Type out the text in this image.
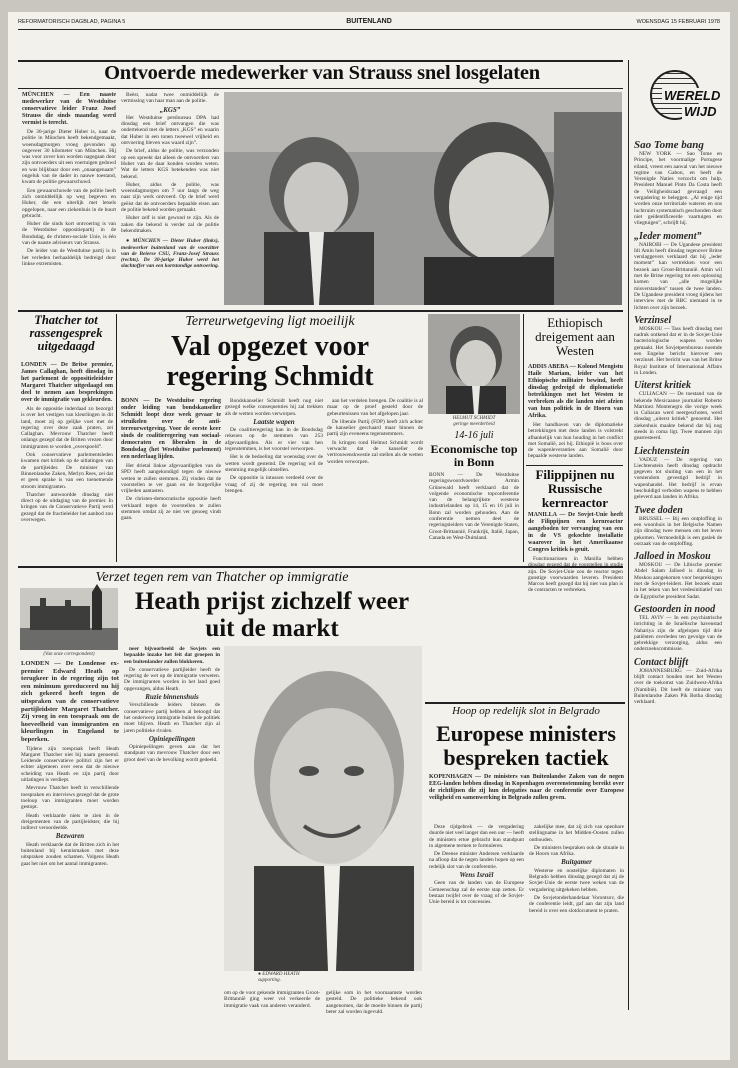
REFORMATORISCH DAGBLAD, PAGINA 5	BUITENLAND	WOENSDAG 15 FEBRUARI 1978
Ontvoerde medewerker van Strauss snel losgelaten

MÜNCHEN — Een naaste medewerker van de Westduitse conservatieve leider Franz Josef Strauss die sinds maandag werd vermist is terecht.

De 30-jarige Dieter Huber is, naar de politie in München heeft bekendgemaakt, woensdagmorgen vroeg gevonden op ongeveer 30 kilometer van München. Hij was voor zover kon worden nagegaan door zijn ontvoerders uit een voertuigen geduwd en was blijkbaar door een „onaangenaam” ongeluk van de dader in nauwe toestand, kwam de politie gewaarschuwd.

Een gewaarschuwde van de politie heeft zich onmiddellijk op weg begeven en Huber, die een uiterlijk met letsels opgelopen, naar een ziekenhuis in de buurt gebracht.

Huber die sinds kort ontvoering is van de Westduitse oppositiepartij in de Bondsdag, de christen-sociale Unie, is één van de naaste adviseurs van Strauss.

De leider van de Westduitse partij is in het verleden herhaaldelijk bedreigd door linkse extremisten.

Beëst, nadat twee onmiddellijk de vermissing van haar man aan de politie.

„KGS”

Het Westduitse persbureau DPA had dinsdag een brief ontvangen die was ondertekend met de letters „KGS” en waarin dat Huber in een tonen tweewel vrijheid en ontvoering bleven was waard zijn”.

De brief, aldus de politie, was verzonden op een spreekt dat alleen de ontvoerders van Huber van de daar konden worden weten. Wat de letters KGS betekenden was niet bekend.

Huber, aldus de politie, was woensdagmorgen om 7 uur langs de weg naar zijn werk ontvoerd. Op de brief werd geëist dat de ontvoerders bepaalde eisen aan de politie bekend worden gemaakt.

Huber zelf is niet gewond te zijn. Als de zaken die bekend is verder zal de politie bekendmaken.

● MÜNCHEN — Dieter Huber (links), medewerker buitenland van de voorzitter van de Beierse CSU, Franz-Josef Strauss (rechts). De 30-jarige Huber werd het slachtoffer van een kortstondige ontvoering.

WERELD
WIJD
Sao Tome bang

NEW YORK — Sao Tome en Principe, het voormalige Portugese eiland, vreest een aanval van het nieuwe regime van Gabon, en heeft de Verenigde Naties verzocht om hulp. President Manuel Pinto Da Costa heeft de Veiligheidsraad gevraagd een vergadering te beleggen. „Al enige tijd worden onze territoriale wateren en ons luchtruim systematisch geschonden door niet geïdentificeerde vaartuigen en vliegtuigen”, schrijft hij.

„Ieder moment”

NAIROBI — De Ugandese president Idi Amin heeft dinsdag tegenover Britse verslaggevers verklaard dat hij „ieder moment” kan vertrekken voor een bezoek aan Groot-Brittannië. Amin wil met de Britse regering tot een oplossing komen van „alle mogelijke misverstanden” tussen de twee landen. De Ugandese president vroeg tijdens het interview met de BBC niemand in te lichten over zijn bezoek.

Verzinsel

MOSKOU — Tass heeft dinsdag met nadruk ontkend dat er in de Sovjet-Unie bacteriologische wapens worden gemaakt. Het Sovjetpersbureau noemde een Engelse bericht hierover een verzinsel. Het bericht was van het Britse Royal Institute of International Affairs in Londen.

Uiterst kritiek

CULIACAN — De toestand van de bekende Mexicaanse journalist Roberto Martinez Montenegro die vorige week in Culiacan werd neergeschoten, werd dinsdag „uiterst kritiek” genoemd. Het ziekenhuis maakte bekend dat hij nog steeds in coma ligt. Twee mannen zijn gearresteerd.

Liechtenstein

VADUZ — De regering van Liechtenstein heeft dinsdag opdracht gegeven tot sluiting van een in het vorstendom gevestigd bedrijf in wapenhandel. Het bedrijf is ervan beschuldigd verboden wapens te hebben geleverd aan landen in Afrika.

Twee doden

BRUSSEL — Bij een ontploffing in een woonhuis in het Belgische Namen zijn dinsdag twee mensen om het leven gekomen. Vermoedelijk is een gaslek de oorzaak van de ontploffing.

Jalloed in Moskou

MOSKOU — De Libische premier Abdel Salam Jalloed is dinsdag in Moskou aangekomen voor besprekingen met de Sovjet-leiders. Het bezoek staat in het teken van het vredesinitiatief van de Egyptische president Sadat.

Gestoorden in nood

TEL AVIV — In een psychiatrische inrichting in de Israëlische havenstad Nahariya zijn de afgelopen tijd drie patiënten overleden ten gevolge van de gebrekkige verzorging, aldus een onderzoekscommissie.

Contact blijft

JOHANNESBURG — Zuid-Afrika blijft contact houden met het Westen over de toekomst van Zuidwest-Afrika (Namibië). Dit heeft de minister van Buitenlandse Zaken Pik Botha dinsdag verklaard.

Thatcher tot rassengesprek uitgedaagd

LONDEN — De Britse premier, James Callaghan, heeft dinsdag in het parlement de oppositieleidster Margaret Thatcher uitgedaagd om deel te nemen aan besprekingen over de immigratie van gekleurden.

Als de oppositie inderdaad zo bezorgd is over het vestigen van kleurlingen in dit land, moet zij op gelijke voet met de regering over deze zaak praten, zei Callaghan. Mevrouw Thatcher heeft onlangs gezegd dat de Britten vrezen door immigranten te worden „overspoeld”.

Ook conservatieve parlementsleden kwamen met kritiek op de uitlatingen van de partijleider. De minister van Binnenlandse Zaken, Merlyn Rees, zei dat er geen sprake is van een toenemende stroom immigranten.

Thatcher antwoordde dinsdag niet direct op de uitdaging van de premier. In kringen van de Conservatieve Partij werd gezegd dat de fractieleider het aanbod zou overwegen.

Terreurwetgeving ligt moeilijk
Val opgezet voor regering Schmidt

BONN — De Westduitse regering onder leiding van bondskanselier Schmidt loopt deze week gevaar te struikelen over de anti-terreurwetgeving. Voor de eerste keer sinds de coalitieregering van sociaal-democraten en liberalen in de Bondsdag (het Westduitse parlement) een nederlaag lijden.

Het drietal linkse afgevaardigden van de SPD heeft aangekondigd tegen de nieuwe wetten te zullen stemmen. Zij vinden dat de voorstellen te ver gaan en de burgerlijke vrijheden aantasten.

De christen-democratische oppositie heeft verklaard tegen de voorstellen te zullen stemmen omdat zij ze niet ver genoeg vindt gaan.

Bondskanselier Schmidt heeft nog niet gezegd welke consequenties hij zal trekken als de wetten worden verworpen.

Laatste wapen

De coalitieregering kan in de Bondsdag rekenen op de stemmen van 253 afgevaardigden. Als er vier van hen tegenstemmen, is het voorstel verworpen.

Het is de bedoeling dat woensdag over de wetten wordt gestemd. De regering wil de stemming mogelijk uitstellen.

De oppositie is intussen verdeeld over de vraag of zij de regering ten val moet brengen.

aan het verdelen brengen. De coalitie is al maar op de proef gesteld door de gebeurtenissen van het afgelopen jaar.

De liberale Partij (FDP) heeft zich achter de kanselier geschaard maar binnen de partij zijn eveneens tegenstemmers.

In kringen rond Helmut Schmidt wordt verwacht dat de kanselier de vertrouwenskwestie zal stellen als de wetten worden verworpen.

HELMUT SCHMIDT
geringe meerderheid
14-16 juli
Economische top in Bonn
BONN — De Westduitse regeringswoordvoerder Armin Grünewald heeft verklaard dat de volgende economische topconferentie van de belangrijkste westerse industrielanden op 14, 15 en 16 juli in Bonn zal worden gehouden. Aan de conferentie nemen deel de regeringsleiders van de Verenigde Staten, Groot-Brittannië, Frankrijk, Italië, Japan, Canada en West-Duitsland.
Ethiopisch dreigement aan Westen

ADDIS ABEBA — Kolonel Mengistu Haile Mariam, leider van het Ethiopische militaire bewind, heeft dinsdag gedreigd de diplomatieke betrekkingen met het Westen te verbreken als die landen niet afzien van hun politiek in de Hoorn van Afrika.

Het handhaven van de diplomatieke betrekkingen met deze landen is volstrekt afhankelijk van hun houding in het conflict met Somalië, zei hij. Ethiopië is boos over de wapenleveranties aan Somalië door bepaalde westerse landen.

Filippijnen nu Russische kernreactor

MANILLA — De Sovjet-Unie heeft de Filippijnen een kernreactor aangeboden ter vervanging van een in de VS gekochte installatie waarover in het Amerikaanse Congres kritiek is geuit.

Functionarissen in Manilla hebben zijn. De Sovjet-Unie zou de reactor tegen gunstige voorwaarden leveren. President Marcos heeft gezegd dat hij niet van plan is de contracten te verbreken.

Verzet tegen rem van Thatcher op immigratie
(Van onze correspondent)
Heath prijst zichzelf weer uit de markt

LONDEN — De Londense ex-premier Edward Heath op terugkeer in de regering zijn tot een minimum gereduceerd nu hij zich gekeerd heeft tegen de uitspraken van de conservatieve partijleidster Margaret Thatcher. Zij vroeg in een toespraak om de hoeveelheid van immigranten en kleurlingen in Engeland te beperken.

Tijdens zijn toespraak heeft Heath Margaret Thatcher niet bij naam genoemd. Leidende conservatieve politici zijn het er echter algemeen over eens dat de nieuwe scheiding van Heath en zijn partij door uitlatingen is verdiept.

Mevrouw Thatcher heeft in verschillende toespraken en interviews gezegd dat de grote toeloop van immigranten moet worden gestopt.

Heath verklaarde niets te zien in de dreigementen van de partijleidster, die hij indirect veroordeelde.

Bezwaren

Heath verklaarde dat de Britten zich in het buitenland bij kennismaken met deze uitspraken zouden schamen. Volgens Heath gaat het niet om het aantal immigranten.

neer bijvoorbeeld de Sovjets een bepaalde inzake het feit dat groepen in een buitenlander zullen blokkeren.

De conservatieve partijleider heeft de regering de wet op de immigratie verweten. De immigranten worden in het land goed opgevangen, aldus Heath.

Ruzie binnenshuis

Verschillende leiders binnen de conservatieve partij hebben al betoogd dat het onderwerp immigratie buiten de politiek moet blijven. Heath en Thatcher zijn al jaren politieke rivalen.

Opiniepeilingen

Opiniepeilingen geven aan dat het standpunt van mevrouw Thatcher door een groot deel van de bevolking wordt gedeeld.

● EDWARD HEATH
supporting.
om op de voor gekende immigranten Groot-Brittannië ging weer vol verkeerde de immigratie vaak van anderen veranderd.
gelijke som in het voornaamste worden gesteld. De politieke bekend ook aangenomen, dat de moeite binnen de partij beter zal worden ingevuld.
Hoop op redelijk slot in Belgrado
Europese ministers bespreken tactiek

KOPENHAGEN — De ministers van Buitenlandse Zaken van de negen EEG-landen hebben dinsdag in Kopenhagen overeenstemming bereikt over de richtlijnen die zij hun delegaties naar de conferentie over Europese veiligheid en samenwerking in Belgrado zullen geven.

Deze tijdgebrek — de vergadering duurde niet veel langer dan een uur — heeft de ministers ertoe gebracht hun standpunt in algemene termen te formuleren.

De Deense minister Andersen verklaarde na afloop dat de negen landen hopen op een redelijk slot van de conferentie.

Wens Israël

Geen van de landen van de Europese Gemeenschap zal de eerste stap zetten. Er bestaat twijfel over de vraag of de Sovjet-Unie bereid is tot concessies.

zakelijke mee, dat zij zich van openbare stellingname in het Midden-Oosten zullen onthouden.

De ministers bespraken ook de situatie in de Hoorn van Afrika.

Buitgamer

Westerse en oostelijke diplomaten in Belgrado hebben dinsdag gezegd dat zij de Sovjet-Unie de eerste twee weken van de vergadering uitgekeken hebben.

De Sovjetonderhandelaar Vorontsov, die de conferentie leidt, gaf aan dat zijn land bereid is over een slotdocument te praten.
